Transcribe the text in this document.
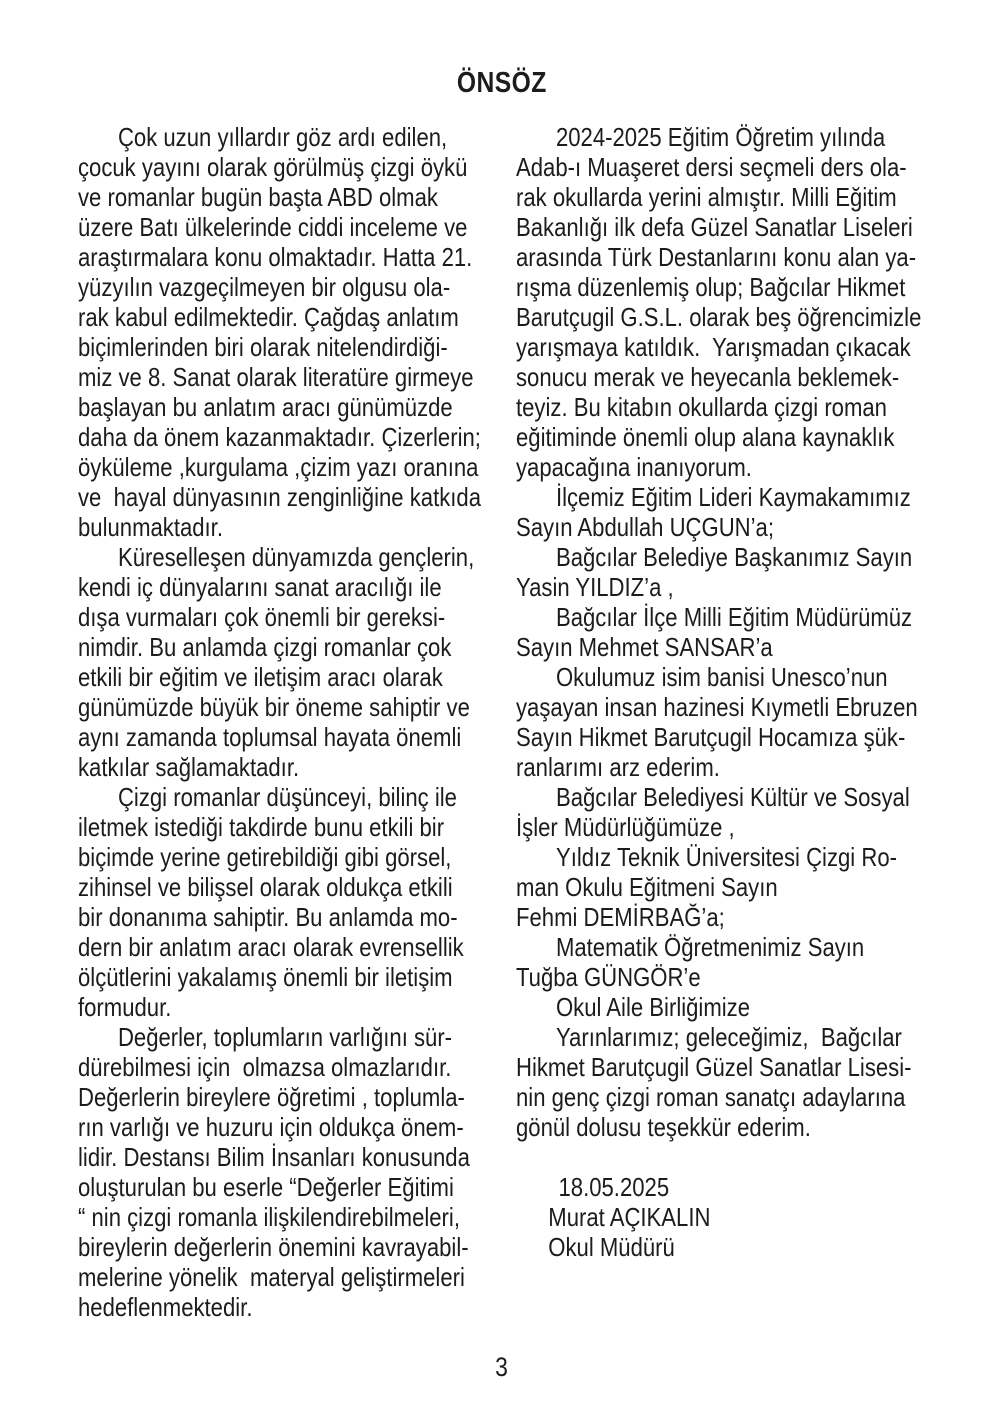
ÖNSÖZ
Çok uzun yıllardır göz ardı edilen,
çocuk yayını olarak görülmüş çizgi öykü
ve romanlar bugün başta ABD olmak
üzere Batı ülkelerinde ciddi inceleme ve
araştırmalara konu olmaktadır. Hatta 21.
yüzyılın vazgeçilmeyen bir olgusu ola-
rak kabul edilmektedir. Çağdaş anlatım
biçimlerinden biri olarak nitelendirdiği-
miz ve 8. Sanat olarak literatüre girmeye
başlayan bu anlatım aracı günümüzde
daha da önem kazanmaktadır. Çizerlerin;
öyküleme ,kurgulama ,çizim yazı oranına
ve  hayal dünyasının zenginliğine katkıda
bulunmaktadır.
Küreselleşen dünyamızda gençlerin,
kendi iç dünyalarını sanat aracılığı ile
dışa vurmaları çok önemli bir gereksi-
nimdir. Bu anlamda çizgi romanlar çok
etkili bir eğitim ve iletişim aracı olarak
günümüzde büyük bir öneme sahiptir ve
aynı zamanda toplumsal hayata önemli
katkılar sağlamaktadır.
Çizgi romanlar düşünceyi, bilinç ile
iletmek istediği takdirde bunu etkili bir
biçimde yerine getirebildiği gibi görsel,
zihinsel ve bilişsel olarak oldukça etkili
bir donanıma sahiptir. Bu anlamda mo-
dern bir anlatım aracı olarak evrensellik
ölçütlerini yakalamış önemli bir iletişim
formudur.
Değerler, toplumların varlığını sür-
dürebilmesi için  olmazsa olmazlarıdır.
Değerlerin bireylere öğretimi , toplumla-
rın varlığı ve huzuru için oldukça önem-
lidir. Destansı Bilim İnsanları konusunda
oluşturulan bu eserle “Değerler Eğitimi
“ nin çizgi romanla ilişkilendirebilmeleri,
bireylerin değerlerin önemini kavrayabil-
melerine yönelik  materyal geliştirmeleri
hedeflenmektedir.
2024-2025 Eğitim Öğretim yılında
Adab-ı Muaşeret dersi seçmeli ders ola-
rak okullarda yerini almıştır. Milli Eğitim
Bakanlığı ilk defa Güzel Sanatlar Liseleri
arasında Türk Destanlarını konu alan ya-
rışma düzenlemiş olup; Bağcılar Hikmet
Barutçugil G.S.L. olarak beş öğrencimizle
yarışmaya katıldık.  Yarışmadan çıkacak
sonucu merak ve heyecanla beklemek-
teyiz. Bu kitabın okullarda çizgi roman
eğitiminde önemli olup alana kaynaklık
yapacağına inanıyorum.
İlçemiz Eğitim Lideri Kaymakamımız
Sayın Abdullah UÇGUN’a;
Bağcılar Belediye Başkanımız Sayın
Yasin YILDIZ’a ,
Bağcılar İlçe Milli Eğitim Müdürümüz
Sayın Mehmet SANSAR’a
Okulumuz isim banisi Unesco’nun
yaşayan insan hazinesi Kıymetli Ebruzen
Sayın Hikmet Barutçugil Hocamıza şük-
ranlarımı arz ederim.
Bağcılar Belediyesi Kültür ve Sosyal
İşler Müdürlüğümüze ,
Yıldız Teknik Üniversitesi Çizgi Ro-
man Okulu Eğitmeni Sayın
Fehmi DEMİRBAĞ’a;
Matematik Öğretmenimiz Sayın
Tuğba GÜNGÖR’e
Okul Aile Birliğimize
Yarınlarımız; geleceğimiz,  Bağcılar
Hikmet Barutçugil Güzel Sanatlar Lisesi-
nin genç çizgi roman sanatçı adaylarına
gönül dolusu teşekkür ederim.
18.05.2025
Murat AÇIKALIN
Okul Müdürü
3
